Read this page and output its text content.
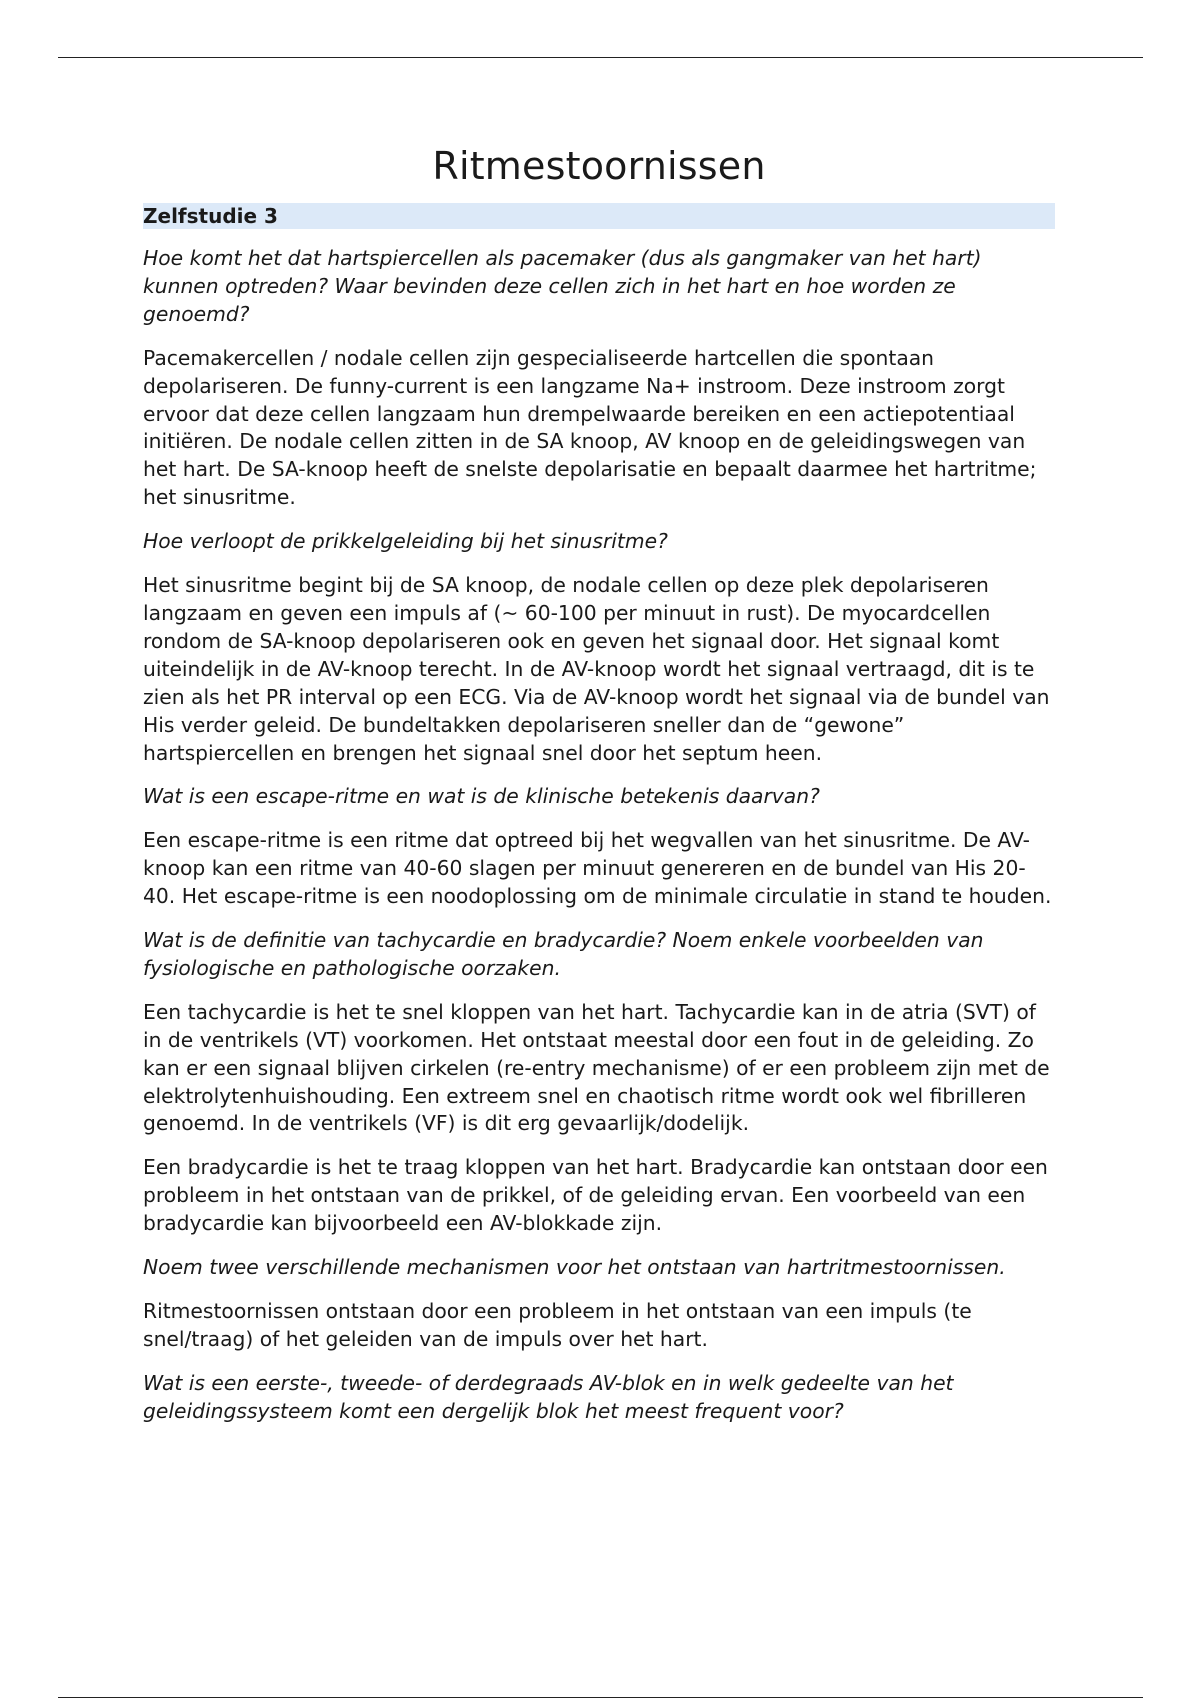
Ritmestoornissen
Zelfstudie 3

Hoe komt het dat hartspiercellen als pacemaker (dus als gangmaker van het hart) kunnen optreden? Waar bevinden deze cellen zich in het hart en hoe worden ze genoemd?

Pacemakercellen / nodale cellen zijn gespecialiseerde hartcellen die spontaan depolariseren. De funny-current is een langzame Na+ instroom. Deze instroom zorgt ervoor dat deze cellen langzaam hun drempelwaarde bereiken en een actiepotentiaal initiëren. De nodale cellen zitten in de SA knoop, AV knoop en de geleidingswegen van het hart. De SA-knoop heeft de snelste depolarisatie en bepaalt daarmee het hartritme; het sinusritme.

Hoe verloopt de prikkelgeleiding bij het sinusritme?

Het sinusritme begint bij de SA knoop, de nodale cellen op deze plek depolariseren langzaam en geven een impuls af (~ 60-100 per minuut in rust). De myocardcellen rondom de SA-knoop depolariseren ook en geven het signaal door. Het signaal komt uiteindelijk in de AV-knoop terecht. In de AV-knoop wordt het signaal vertraagd, dit is te zien als het PR interval op een ECG. Via de AV-knoop wordt het signaal via de bundel van His verder geleid. De bundeltakken depolariseren sneller dan de “gewone” hartspiercellen en brengen het signaal snel door het septum heen.

Wat is een escape-ritme en wat is de klinische betekenis daarvan?

Een escape-ritme is een ritme dat optreed bij het wegvallen van het sinusritme. De AV-knoop kan een ritme van 40-60 slagen per minuut genereren en de bundel van His 20-40. Het escape-ritme is een noodoplossing om de minimale circulatie in stand te houden.

Wat is de definitie van tachycardie en bradycardie? Noem enkele voorbeelden van fysiologische en pathologische oorzaken.

Een tachycardie is het te snel kloppen van het hart. Tachycardie kan in de atria (SVT) of in de ventrikels (VT) voorkomen. Het ontstaat meestal door een fout in de geleiding. Zo kan er een signaal blijven cirkelen (re-entry mechanisme) of er een probleem zijn met de elektrolytenhuishouding. Een extreem snel en chaotisch ritme wordt ook wel fibrilleren genoemd. In de ventrikels (VF) is dit erg gevaarlijk/dodelijk.

Een bradycardie is het te traag kloppen van het hart. Bradycardie kan ontstaan door een probleem in het ontstaan van de prikkel, of de geleiding ervan. Een voorbeeld van een bradycardie kan bijvoorbeeld een AV-blokkade zijn.

Noem twee verschillende mechanismen voor het ontstaan van hartritmestoornissen.

Ritmestoornissen ontstaan door een probleem in het ontstaan van een impuls (te snel/traag) of het geleiden van de impuls over het hart.

Wat is een eerste-, tweede- of derdegraads AV-blok en in welk gedeelte van het geleidingssysteem komt een dergelijk blok het meest frequent voor?
